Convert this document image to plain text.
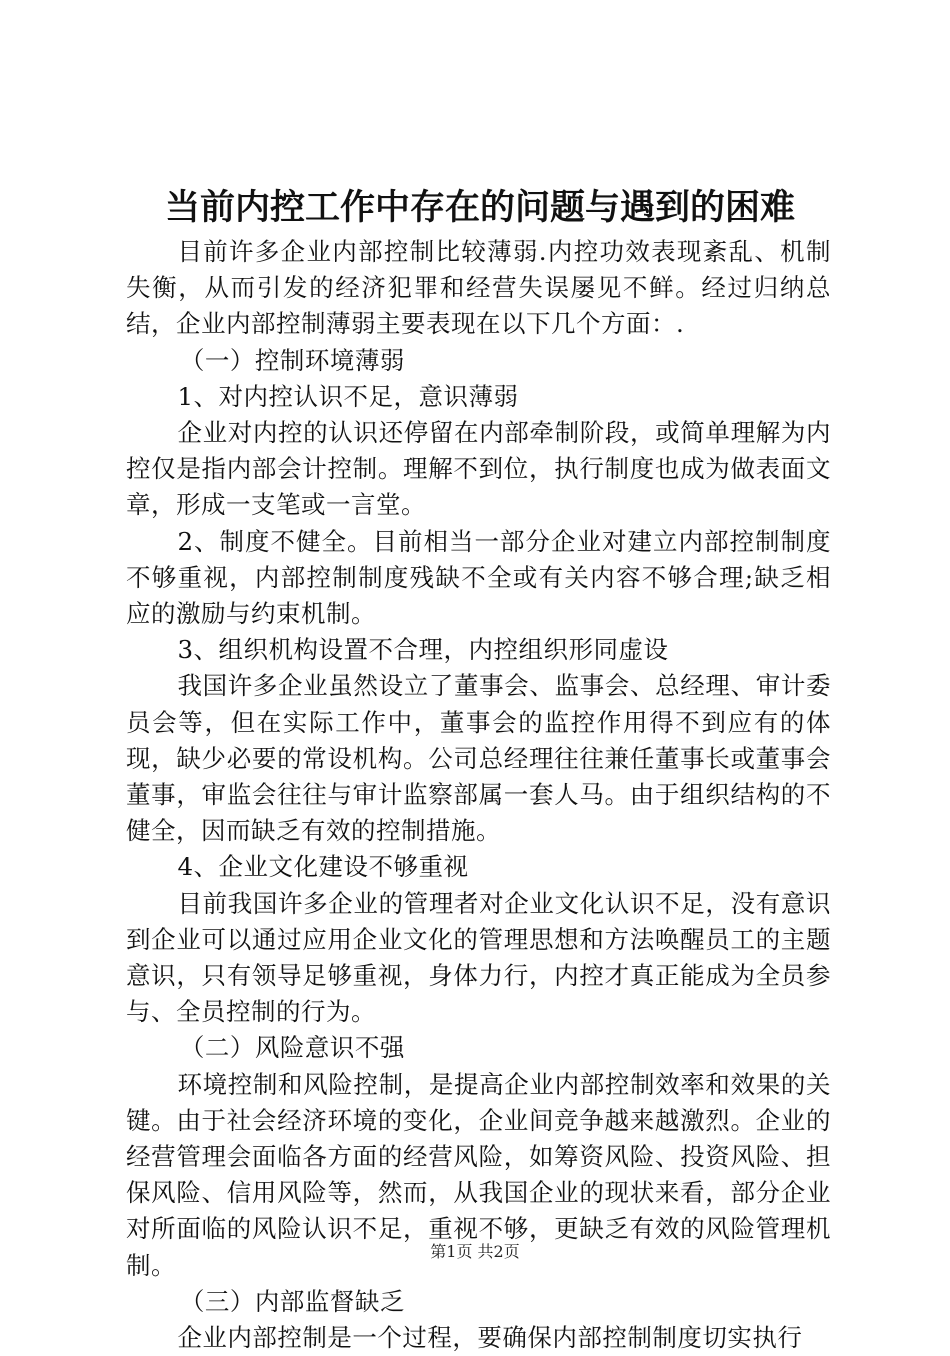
当前内控工作中存在的问题与遇到的困难

目前许多企业内部控制比较薄弱.内控功效表现紊乱、机制失衡，从而引发的经济犯罪和经营失误屡见不鲜。经过归纳总结，企业内部控制薄弱主要表现在以下几个方面：.

（一）控制环境薄弱

1、对内控认识不足，意识薄弱

企业对内控的认识还停留在内部牵制阶段，或简单理解为内控仅是指内部会计控制。理解不到位，执行制度也成为做表面文章，形成一支笔或一言堂。

2、制度不健全。目前相当一部分企业对建立内部控制制度不够重视，内部控制制度残缺不全或有关内容不够合理;缺乏相应的激励与约束机制。

3、组织机构设置不合理，内控组织形同虚设

我国许多企业虽然设立了董事会、监事会、总经理、审计委员会等，但在实际工作中，董事会的监控作用得不到应有的体现，缺少必要的常设机构。公司总经理往往兼任董事长或董事会董事，审监会往往与审计监察部属一套人马。由于组织结构的不健全，因而缺乏有效的控制措施。

4、企业文化建设不够重视

目前我国许多企业的管理者对企业文化认识不足，没有意识到企业可以通过应用企业文化的管理思想和方法唤醒员工的主题意识，只有领导足够重视，身体力行，内控才真正能成为全员参与、全员控制的行为。

（二）风险意识不强

环境控制和风险控制，是提高企业内部控制效率和效果的关键。由于社会经济环境的变化，企业间竞争越来越激烈。企业的经营管理会面临各方面的经营风险，如筹资风险、投资风险、担保风险、信用风险等，然而，从我国企业的现状来看，部分企业对所面临的风险认识不足，重视不够，更缺乏有效的风险管理机制。

（三）内部监督缺乏

企业内部控制是一个过程，要确保内部控制制度切实执行

第1页 共2页
